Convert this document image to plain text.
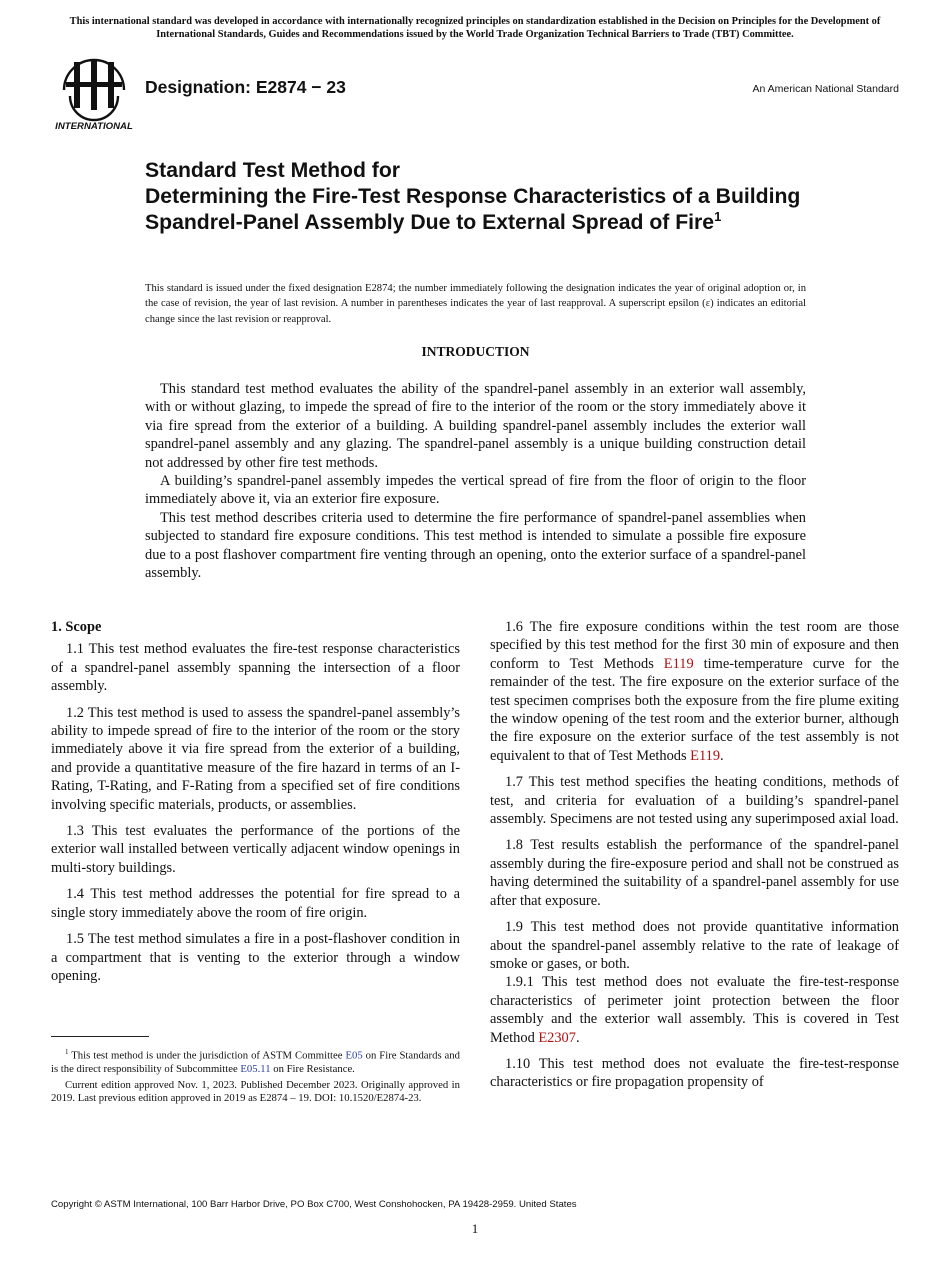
This international standard was developed in accordance with internationally recognized principles on standardization established in the Decision on Principles for the Development of International Standards, Guides and Recommendations issued by the World Trade Organization Technical Barriers to Trade (TBT) Committee.
INTERNATIONAL
Designation: E2874 − 23	An American National Standard
Standard Test Method for
Determining the Fire-Test Response Characteristics of a Building Spandrel-Panel Assembly Due to External Spread of Fire$^1$
This standard is issued under the fixed designation E2874; the number immediately following the designation indicates the year of original adoption or, in the case of revision, the year of last revision. A number in parentheses indicates the year of last reapproval. A superscript epsilon (ε) indicates an editorial change since the last revision or reapproval.
INTRODUCTION

This standard test method evaluates the ability of the spandrel-panel assembly in an exterior wall assembly, with or without glazing, to impede the spread of fire to the interior of the room or the story immediately above it via fire spread from the exterior of a building. A building spandrel-panel assembly includes the exterior wall spandrel-panel assembly and any glazing. The spandrel-panel assembly is a unique building construction detail not addressed by other fire test methods.

A building’s spandrel-panel assembly impedes the vertical spread of fire from the floor of origin to the floor immediately above it, via an exterior fire exposure.

This test method describes criteria used to determine the fire performance of spandrel-panel assemblies when subjected to standard fire exposure conditions. This test method is intended to simulate a possible fire exposure due to a post flashover compartment fire venting through an opening, onto the exterior surface of a spandrel-panel assembly.

1. Scope

1.1 This test method evaluates the fire-test response characteristics of a spandrel-panel assembly spanning the intersection of a floor assembly.

1.2 This test method is used to assess the spandrel-panel assembly’s ability to impede spread of fire to the interior of the room or the story immediately above it via fire spread from the exterior of a building, and provide a quantitative measure of the fire hazard in terms of an I-Rating, T-Rating, and F-Rating from a specified set of fire conditions involving specific materials, products, or assemblies.

1.3 This test evaluates the performance of the portions of the exterior wall installed between vertically adjacent window openings in multi-story buildings.

1.4 This test method addresses the potential for fire spread to a single story immediately above the room of fire origin.

1.5 The test method simulates a fire in a post-flashover condition in a compartment that is venting to the exterior through a window opening.

1.6 The fire exposure conditions within the test room are those specified by this test method for the first 30 min of exposure and then conform to Test Methods E119 time-temperature curve for the remainder of the test. The fire exposure on the exterior surface of the test specimen comprises both the exposure from the fire plume exiting the window opening of the test room and the exterior burner, although the fire exposure on the exterior surface of the test assembly is not equivalent to that of Test Methods E119.

1.7 This test method specifies the heating conditions, methods of test, and criteria for evaluation of a building’s spandrel-panel assembly. Specimens are not tested using any superimposed axial load.

1.8 Test results establish the performance of the spandrel-panel assembly during the fire-exposure period and shall not be construed as having determined the suitability of a spandrel-panel assembly for use after that exposure.

1.9 This test method does not provide quantitative information about the spandrel-panel assembly relative to the rate of leakage of smoke or gases, or both.

1.9.1 This test method does not evaluate the fire-test-response characteristics of perimeter joint protection between the floor assembly and the exterior wall assembly. This is covered in Test Method E2307.

1.10 This test method does not evaluate the fire-test-response characteristics or fire propagation propensity of

$^1$ This test method is under the jurisdiction of ASTM Committee E05 on Fire Standards and is the direct responsibility of Subcommittee E05.11 on Fire Resistance.

Current edition approved Nov. 1, 2023. Published December 2023. Originally approved in 2019. Last previous edition approved in 2019 as E2874 – 19. DOI: 10.1520/E2874-23.

Copyright © ASTM International, 100 Barr Harbor Drive, PO Box C700, West Conshohocken, PA 19428-2959. United States
1
